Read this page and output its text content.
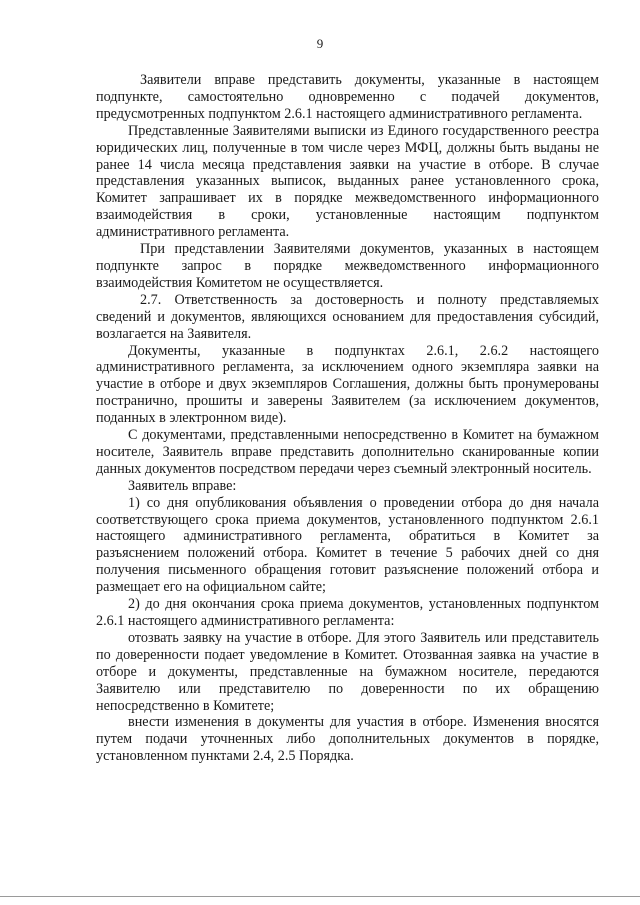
9

Заявители вправе представить документы, указанные в настоящем подпункте, самостоятельно одновременно с подачей документов, предусмотренных подпунктом 2.6.1 настоящего административного регламента.

Представленные Заявителями выписки из Единого государственного реестра юридических лиц, полученные в том числе через МФЦ, должны быть выданы не ранее 14 числа месяца представления заявки на участие в отборе. В случае представления указанных выписок, выданных ранее установленного срока, Комитет запрашивает их в порядке межведомственного информационного взаимодействия в сроки, установленные настоящим подпунктом административного регламента.

При представлении Заявителями документов, указанных в настоящем подпункте запрос в порядке межведомственного информационного взаимодействия Комитетом не осуществляется.

2.7. Ответственность за достоверность и полноту представляемых сведений и документов, являющихся основанием для предоставления субсидий, возлагается на Заявителя.

Документы, указанные в подпунктах 2.6.1, 2.6.2 настоящего административного регламента, за исключением одного экземпляра заявки на участие в отборе и двух экземпляров Соглашения, должны быть пронумерованы постранично, прошиты и заверены Заявителем (за исключением документов, поданных в электронном виде).

С документами, представленными непосредственно в Комитет на бумажном носителе, Заявитель вправе представить дополнительно сканированные копии данных документов посредством передачи через съемный электронный носитель.

Заявитель вправе:

1) со дня опубликования объявления о проведении отбора до дня начала соответствующего срока приема документов, установленного подпунктом 2.6.1 настоящего административного регламента, обратиться в Комитет за разъяснением положений отбора. Комитет в течение 5 рабочих дней со дня получения письменного обращения готовит разъяснение положений отбора и размещает его на официальном сайте;

2) до дня окончания срока приема документов, установленных подпунктом 2.6.1 настоящего административного регламента:

отозвать заявку на участие в отборе. Для этого Заявитель или представитель по доверенности подает уведомление в Комитет. Отозванная заявка на участие в отборе и документы, представленные на бумажном носителе, передаются Заявителю или представителю по доверенности по их обращению непосредственно в Комитете;

внести изменения в документы для участия в отборе. Изменения вносятся путем подачи уточненных либо дополнительных документов в порядке, установленном пунктами 2.4, 2.5 Порядка.
